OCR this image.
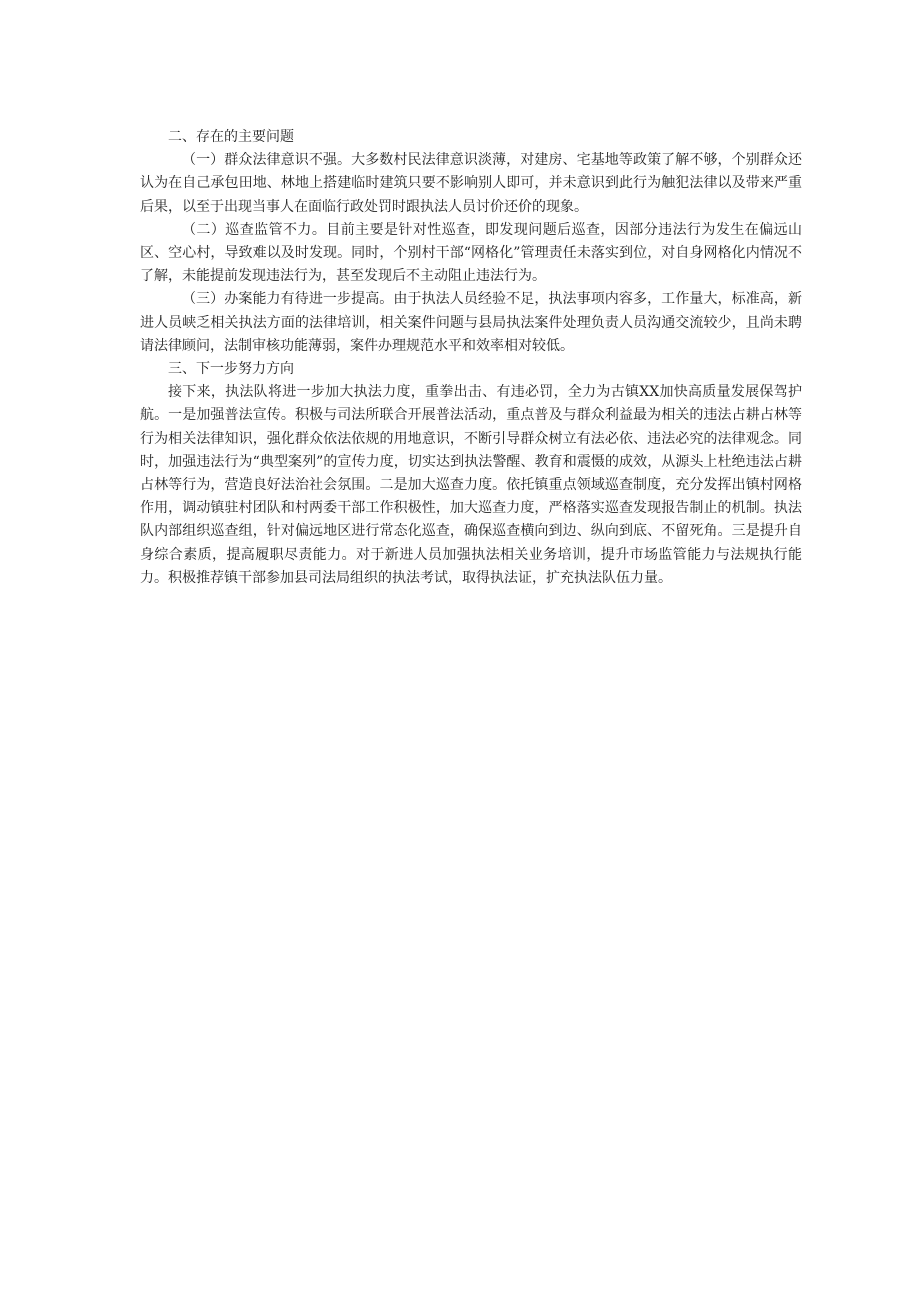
二、存在的主要问题

（一）群众法律意识不强。大多数村民法律意识淡薄，对建房、宅基地等政策了解不够，个别群众还认为在自己承包田地、林地上搭建临时建筑只要不影响别人即可，并未意识到此行为触犯法律以及带来严重后果，以至于出现当事人在面临行政处罚时跟执法人员讨价还价的现象。

（二）巡查监管不力。目前主要是针对性巡查，即发现问题后巡查，因部分违法行为发生在偏远山区、空心村，导致难以及时发现。同时，个别村干部“网格化”管理责任未落实到位，对自身网格化内情况不了解，未能提前发现违法行为，甚至发现后不主动阻止违法行为。

（三）办案能力有待进一步提高。由于执法人员经验不足，执法事项内容多，工作量大，标准高，新进人员峡乏相关执法方面的法律培训，相关案件问题与县局执法案件处理负责人员沟通交流较少，且尚未聘请法律顾问，法制审核功能薄弱，案件办理规范水平和效率相对较低。

三、下一步努力方向

接下来，执法队将进一步加大执法力度，重拳出击、有违必罚，全力为古镇XX加快高质量发展保驾护航。一是加强普法宣传。积极与司法所联合开展普法活动，重点普及与群众利益最为相关的违法占耕占林等行为相关法律知识，强化群众依法依规的用地意识，不断引导群众树立有法必依、违法必究的法律观念。同时，加强违法行为“典型案列”的宣传力度，切实达到执法警醒、教育和震慑的成效，从源头上杜绝违法占耕占林等行为，营造良好法治社会氛围。二是加大巡查力度。依托镇重点领域巡查制度，充分发挥出镇村网格作用，调动镇驻村团队和村两委干部工作积极性，加大巡查力度，严格落实巡查发现报告制止的机制。执法队内部组织巡查组，针对偏远地区进行常态化巡查，确保巡查横向到边、纵向到底、不留死角。三是提升自身综合素质，提高履职尽责能力。对于新进人员加强执法相关业务培训，提升市场监管能力与法规执行能力。积极推荐镇干部参加县司法局组织的执法考试，取得执法证，扩充执法队伍力量。
